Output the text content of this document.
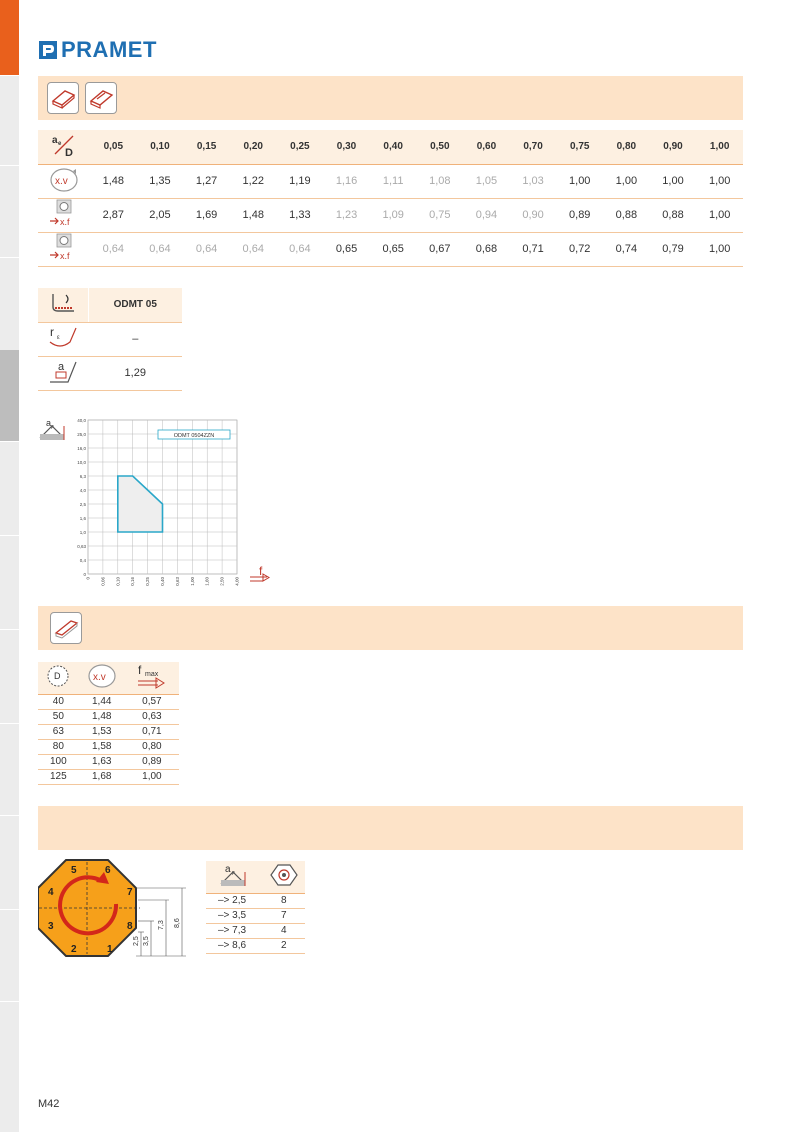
PRAMET
a e
D	0,05	0,10	0,15	0,20	0,25	0,30	0,40	0,50	0,60	0,70	0,75	0,80	0,90	1,00

x.v	1,48	1,35	1,27	1,22	1,19	1,16	1,11	1,08	1,05	1,03	1,00	1,00	1,00	1,00

x.f	2,87	2,05	1,69	1,48	1,33	1,23	1,09	0,75	0,94	0,90	0,89	0,88	0,88	1,00

x.f	0,64	0,64	0,64	0,64	0,64	0,65	0,65	0,67	0,68	0,71	0,72	0,74	0,79	1,00
	ODMT 05

r ε	–

a	1,29
a p
40,0
25,0
16,0
10,0
6,3
4,0
2,5
1,6
1,0
0,63
0,4
0
0 0,06 0,10 0,16 0,25 0,40 0,63 1,00 1,60 2,50 4,00
ODMT 0504ZZN
f
D	x.v	f max

40	1,44	0,57
50	1,48	0,63
63	1,53	0,71
80	1,58	0,80
100	1,63	0,89
125	1,68	1,00
1
2
3
4
5	6
7
8
2,5 3,5
7,3 8,6
a p

–> 2,5	8
–> 3,5	7
–> 7,3	4
–> 8,6	2
M42
